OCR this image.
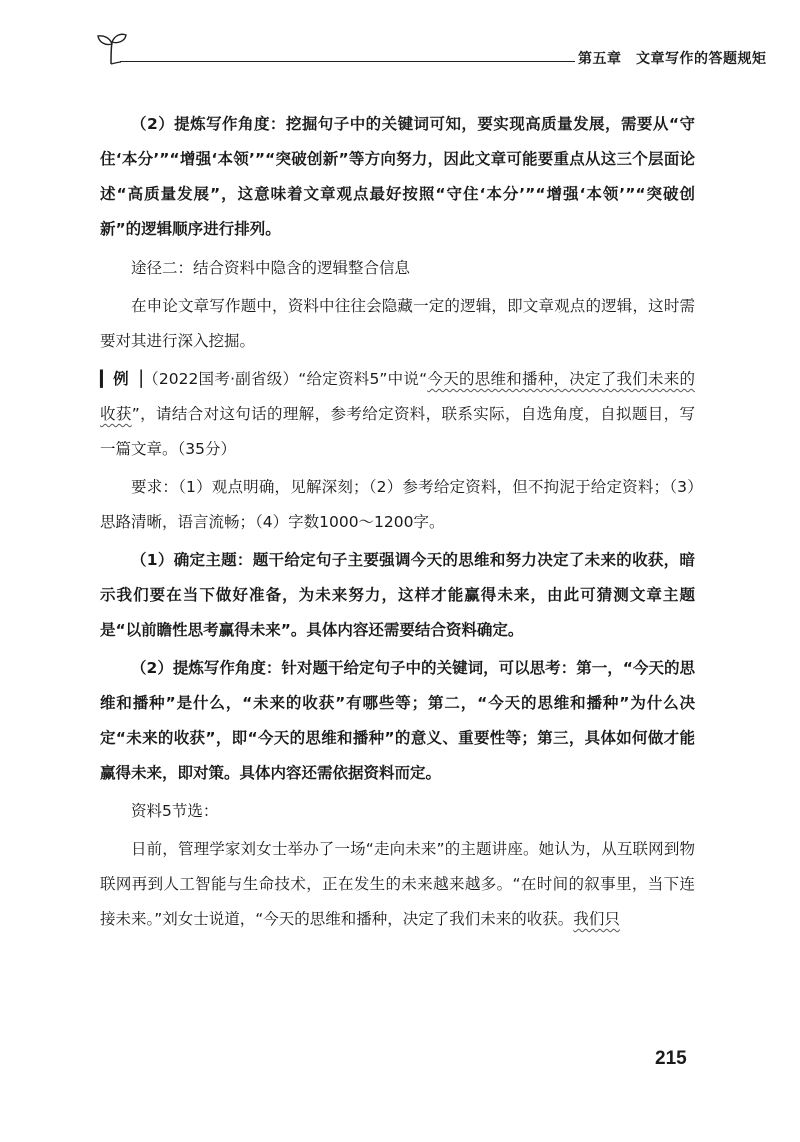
第五章　文章写作的答题规矩

（2）提炼写作角度：挖掘句子中的关键词可知，要实现高质量发展，需要从“守住‘本分’”“增强‘本领’”“突破创新”等方向努力，因此文章可能要重点从这三个层面论述“高质量发展”，这意味着文章观点最好按照“守住‘本分’”“增强‘本领’”“突破创新”的逻辑顺序进行排列。

途径二：结合资料中隐含的逻辑整合信息

在申论文章写作题中，资料中往往会隐藏一定的逻辑，即文章观点的逻辑，这时需要对其进行深入挖掘。

▎例▕（2022国考·副省级）“给定资料5”中说“今天的思维和播种，决定了我们未来的收获”，请结合对这句话的理解，参考给定资料，联系实际，自选角度，自拟题目，写一篇文章。（35分）

要求：（1）观点明确，见解深刻；（2）参考给定资料，但不拘泥于给定资料；（3）思路清晰，语言流畅；（4）字数1000～1200字。

（1）确定主题：题干给定句子主要强调今天的思维和努力决定了未来的收获，暗示我们要在当下做好准备，为未来努力，这样才能赢得未来，由此可猜测文章主题是“以前瞻性思考赢得未来”。具体内容还需要结合资料确定。

（2）提炼写作角度：针对题干给定句子中的关键词，可以思考：第一，“今天的思维和播种”是什么，“未来的收获”有哪些等；第二，“今天的思维和播种”为什么决定“未来的收获”，即“今天的思维和播种”的意义、重要性等；第三，具体如何做才能赢得未来，即对策。具体内容还需依据资料而定。

资料5节选：

日前，管理学家刘女士举办了一场“走向未来”的主题讲座。她认为，从互联网到物联网再到人工智能与生命技术，正在发生的未来越来越多。“在时间的叙事里，当下连接未来。”刘女士说道，“今天的思维和播种，决定了我们未来的收获。我们只

215
